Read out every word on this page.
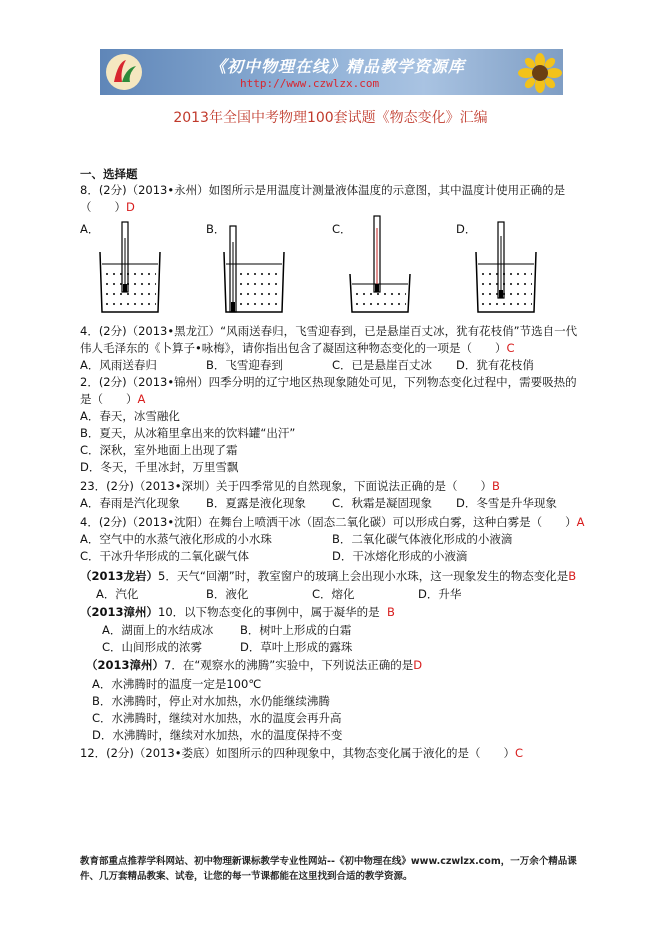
《初中物理在线》精品教学资源库
http://www.czwlzx.com
2013年全国中考物理100套试题《物态变化》汇编
一、选择题
8．(2分)（2013•永州）如图所示是用温度计测量液体温度的示意图，其中温度计使用正确的是
（　　）D
A．	B．	C．	D．
4．(2分)（2013•黑龙江）“风雨送春归，飞雪迎春到，已是悬崖百丈冰，犹有花枝俏”节选自一代
伟人毛泽东的《卜算子•咏梅》，请你指出包含了凝固这种物态变化的一项是（　　）C
A．风雨送春归	B．飞雪迎春到	C．已是悬崖百丈冰 D．犹有花枝俏
2．(2分)（2013•锦州）四季分明的辽宁地区热现象随处可见，下列物态变化过程中，需要吸热的
是（　　）A
A．春天，冰雪融化
B．夏天，从冰箱里拿出来的饮料罐“出汗”
C．深秋，室外地面上出现了霜
D．冬天，千里冰封，万里雪飘
23．(2分)（2013•深圳）关于四季常见的自然现象，下面说法正确的是（　　）B
A．春雨是汽化现象 B．夏露是液化现象 C．秋霜是凝固现象 D．冬雪是升华现象
4．(2分)（2013•沈阳）在舞台上喷洒干冰（固态二氧化碳）可以形成白雾，这种白雾是（　　）A
A．空气中的水蒸气液化形成的小水珠	B．二氧化碳气体液化形成的小液滴
C．干冰升华形成的二氧化碳气体	D．干冰熔化形成的小液滴
（2013龙岩）5．天气“回潮”时，教室窗户的玻璃上会出现小水珠，这一现象发生的物态变化是B
A．汽化	B．液化	C．熔化	D．升华
（2013漳州）10．以下物态变化的事例中，属于凝华的是 B
A．湖面上的水结成冰 B．树叶上形成的白霜
C．山间形成的浓雾	D．草叶上形成的露珠
（2013漳州）7．在“观察水的沸腾”实验中，下列说法正确的是D
A．水沸腾时的温度一定是100℃
B．水沸腾时，停止对水加热，水仍能继续沸腾
C．水沸腾时，继续对水加热，水的温度会再升高
D．水沸腾时，继续对水加热，水的温度保持不变
12．(2分)（2013•娄底）如图所示的四种现象中，其物态变化属于液化的是（　　）C
教育部重点推荐学科网站、初中物理新课标教学专业性网站--《初中物理在线》www.czwlzx.com，一万余个精品课
件、几万套精品教案、试卷，让您的每一节课都能在这里找到合适的教学资源。
